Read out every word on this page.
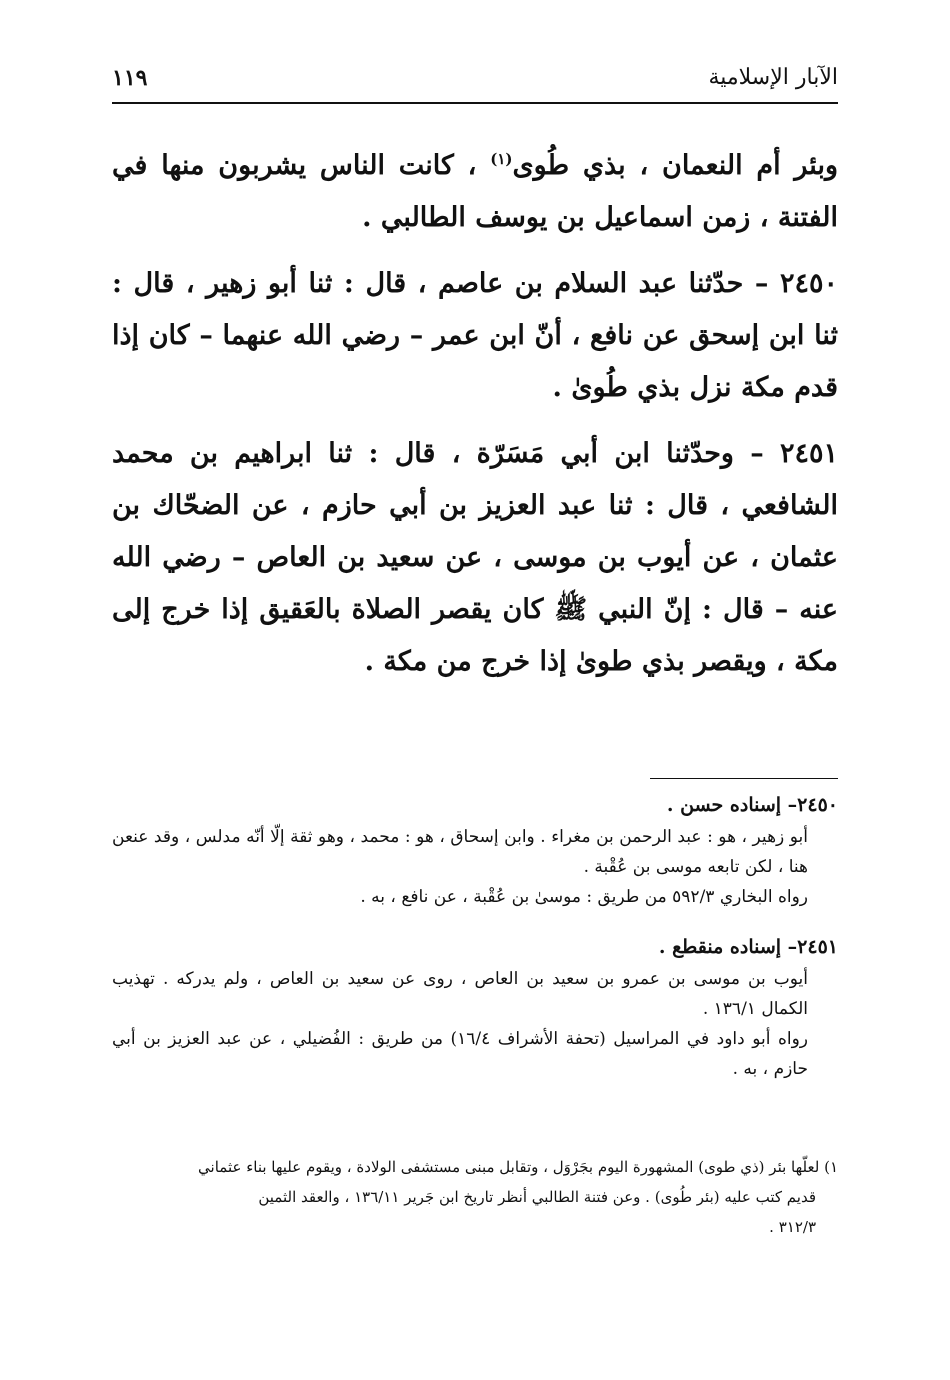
الآبار الإسلامية
١١٩

وبئر أم النعمان ، بذي طُوى$^{(١)}$ ، كانت الناس يشربون منها في الفتنة ، زمن اسماعيل بن يوسف الطالبي .

٢٤٥٠ – حدّثنا عبد السلام بن عاصم ، قال : ثنا أبو زهير ، قال : ثنا ابن إسحق عن نافع ، أنّ ابن عمر – رضي الله عنهما – كان إذا قدم مكة نزل بذي طُوىٰ .

٢٤٥١ – وحدّثنا ابن أبي مَسَرّة ، قال : ثنا ابراهيم بن محمد الشافعي ، قال : ثنا عبد العزيز بن أبي حازم ، عن الضحّاك بن عثمان ، عن أيوب بن موسى ، عن سعيد بن العاص – رضي الله عنه – قال : إنّ النبي ﷺ كان يقصر الصلاة بالعَقيق إذا خرج إلى مكة ، ويقصر بذي طوىٰ إذا خرج من مكة .

٢٤٥٠– إسناده حسن .

أبو زهير ، هو : عبد الرحمن بن مغراء . وابن إسحاق ، هو : محمد ، وهو ثقة إلّا أنّه مدلس ، وقد عنعن هنا ، لكن تابعه موسى بن عُقْبة .

رواه البخاري ٥٩٢/٣ من طريق : موسىٰ بن عُقْبة ، عن نافع ، به .

٢٤٥١– إسناده منقطع .

أيوب بن موسى بن عمرو بن سعيد بن العاص ، روى عن سعيد بن العاص ، ولم يدركه . تهذيب الكمال ١٣٦/١ .

رواه أبو داود في المراسيل (تحفة الأشراف ١٦/٤) من طريق : الفُضيلي ، عن عبد العزيز بن أبي حازم ، به .

١) لعلّها بئر (ذي طوى) المشهورة اليوم بجَرْوَل ، وتقابل مبنى مستشفى الولادة ، ويقوم عليها بناء عثماني

قديم كتب عليه (بئر طُوى) . وعن فتنة الطالبي أنظر تاريخ ابن جَرير ١٣٦/١١ ، والعقد الثمين

٣١٢/٣ .
